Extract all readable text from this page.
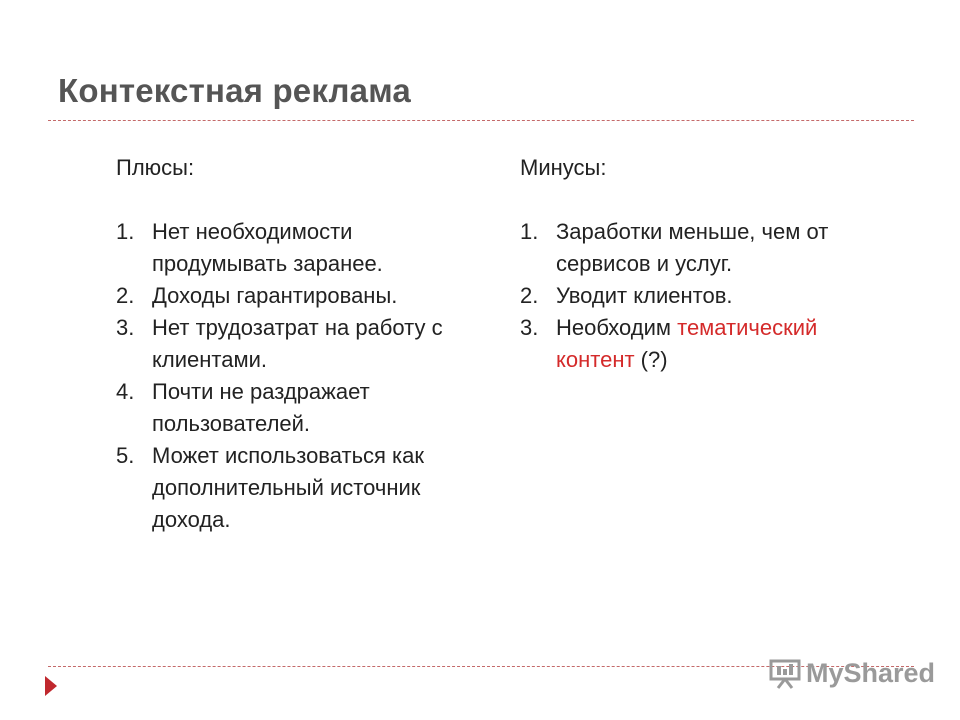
Контекстная реклама
Плюсы:
1. Нет необходимости продумывать заранее.
2. Доходы гарантированы.
3. Нет трудозатрат на работу с клиентами.
4. Почти не раздражает пользователей.
5. Может использоваться как дополнительный источник дохода.
Минусы:
1. Заработки меньше, чем от сервисов и услуг.
2. Уводит клиентов.
3. Необходим тематический контент (?)
MyShared
